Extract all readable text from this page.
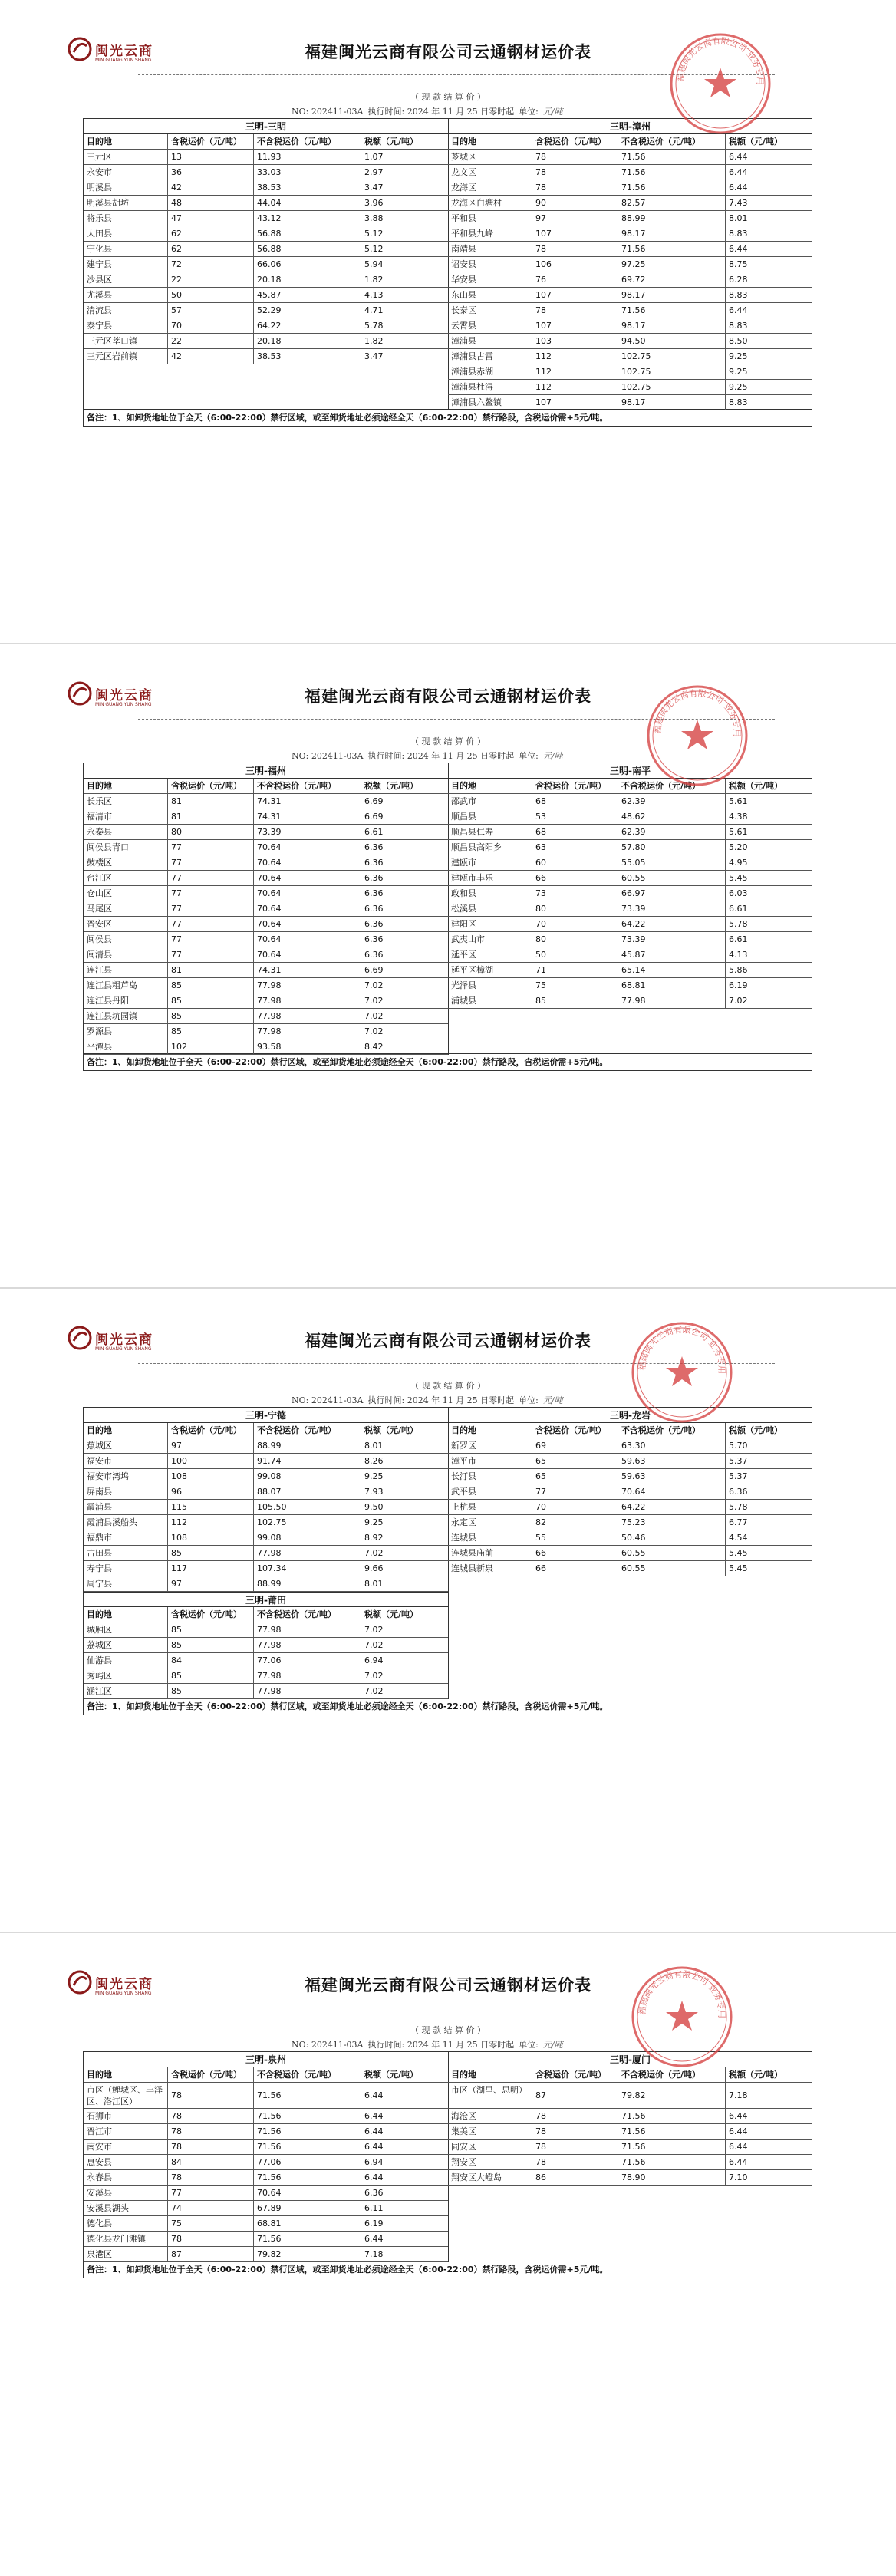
闽光云商
MIN GUANG YUN SHANG	福建闽光云商有限公司云通钢材运价表
（ 现 款 结 算 价 ）
NO: 202411-03A 执行时间: 2024 年 11 月 25 日零时起 单位: 元/吨
三明-三明
目的地	含税运价（元/吨）	不含税运价（元/吨）	税额（元/吨）
三元区	13	11.93	1.07
永安市	36	33.03	2.97
明溪县	42	38.53	3.47
明溪县胡坊	48	44.04	3.96
将乐县	47	43.12	3.88
大田县	62	56.88	5.12
宁化县	62	56.88	5.12
建宁县	72	66.06	5.94
沙县区	22	20.18	1.82
尤溪县	50	45.87	4.13
清流县	57	52.29	4.71
泰宁县	70	64.22	5.78
三元区莘口镇	22	20.18	1.82
三元区岩前镇	42	38.53	3.47
三明-漳州
目的地	含税运价（元/吨）	不含税运价（元/吨）	税额（元/吨）
芗城区	78	71.56	6.44
龙文区	78	71.56	6.44
龙海区	78	71.56	6.44
龙海区白塘村	90	82.57	7.43
平和县	97	88.99	8.01
平和县九峰	107	98.17	8.83
南靖县	78	71.56	6.44
诏安县	106	97.25	8.75
华安县	76	69.72	6.28
东山县	107	98.17	8.83
长泰区	78	71.56	6.44
云霄县	107	98.17	8.83
漳浦县	103	94.50	8.50
漳浦县古雷	112	102.75	9.25
漳浦县赤湖	112	102.75	9.25
漳浦县杜浔	112	102.75	9.25
漳浦县六鳌镇	107	98.17	8.83
备注：1、如卸货地址位于全天（6:00-22:00）禁行区域，或至卸货地址必须途经全天（6:00-22:00）禁行路段，含税运价需+5元/吨。
福建闽光云商有限公司 业务专用
闽光云商
MIN GUANG YUN SHANG	福建闽光云商有限公司云通钢材运价表
（ 现 款 结 算 价 ）
NO: 202411-03A 执行时间: 2024 年 11 月 25 日零时起 单位: 元/吨
三明-福州
目的地	含税运价（元/吨）	不含税运价（元/吨）	税额（元/吨）
长乐区	81	74.31	6.69
福清市	81	74.31	6.69
永泰县	80	73.39	6.61
闽侯县青口	77	70.64	6.36
鼓楼区	77	70.64	6.36
台江区	77	70.64	6.36
仓山区	77	70.64	6.36
马尾区	77	70.64	6.36
晋安区	77	70.64	6.36
闽侯县	77	70.64	6.36
闽清县	77	70.64	6.36
连江县	81	74.31	6.69
连江县粗芦岛	85	77.98	7.02
连江县丹阳	85	77.98	7.02
连江县坑园镇	85	77.98	7.02
罗源县	85	77.98	7.02
平潭县	102	93.58	8.42
三明-南平
目的地	含税运价（元/吨）	不含税运价（元/吨）	税额（元/吨）
邵武市	68	62.39	5.61
顺昌县	53	48.62	4.38
顺昌县仁寿	68	62.39	5.61
顺昌县高阳乡	63	57.80	5.20
建瓯市	60	55.05	4.95
建瓯市丰乐	66	60.55	5.45
政和县	73	66.97	6.03
松溪县	80	73.39	6.61
建阳区	70	64.22	5.78
武夷山市	80	73.39	6.61
延平区	50	45.87	4.13
延平区樟湖	71	65.14	5.86
光泽县	75	68.81	6.19
浦城县	85	77.98	7.02
备注：1、如卸货地址位于全天（6:00-22:00）禁行区域，或至卸货地址必须途经全天（6:00-22:00）禁行路段，含税运价需+5元/吨。
福建闽光云商有限公司 业务专用
闽光云商
MIN GUANG YUN SHANG	福建闽光云商有限公司云通钢材运价表
（ 现 款 结 算 价 ）
NO: 202411-03A 执行时间: 2024 年 11 月 25 日零时起 单位: 元/吨
三明-宁德
目的地	含税运价（元/吨）	不含税运价（元/吨）	税额（元/吨）
蕉城区	97	88.99	8.01
福安市	100	91.74	8.26
福安市湾坞	108	99.08	9.25
屏南县	96	88.07	7.93
霞浦县	115	105.50	9.50
霞浦县溪船头	112	102.75	9.25
福鼎市	108	99.08	8.92
古田县	85	77.98	7.02
寿宁县	117	107.34	9.66
周宁县	97	88.99	8.01
三明-莆田
目的地	含税运价（元/吨）	不含税运价（元/吨）	税额（元/吨）
城厢区	85	77.98	7.02
荔城区	85	77.98	7.02
仙游县	84	77.06	6.94
秀屿区	85	77.98	7.02
涵江区	85	77.98	7.02
三明-龙岩
目的地	含税运价（元/吨）	不含税运价（元/吨）	税额（元/吨）
新罗区	69	63.30	5.70
漳平市	65	59.63	5.37
长汀县	65	59.63	5.37
武平县	77	70.64	6.36
上杭县	70	64.22	5.78
永定区	82	75.23	6.77
连城县	55	50.46	4.54
连城县庙前	66	60.55	5.45
连城县新泉	66	60.55	5.45
备注：1、如卸货地址位于全天（6:00-22:00）禁行区域，或至卸货地址必须途经全天（6:00-22:00）禁行路段，含税运价需+5元/吨。
福建闽光云商有限公司 业务专用
闽光云商
MIN GUANG YUN SHANG	福建闽光云商有限公司云通钢材运价表
（ 现 款 结 算 价 ）
NO: 202411-03A 执行时间: 2024 年 11 月 25 日零时起 单位: 元/吨
三明-泉州
目的地	含税运价（元/吨）	不含税运价（元/吨）	税额（元/吨）
市区（鲤城区、丰泽区、洛江区）
78	71.56	6.44
石狮市	78	71.56	6.44
晋江市	78	71.56	6.44
南安市	78	71.56	6.44
惠安县	84	77.06	6.94
永春县	78	71.56	6.44
安溪县	77	70.64	6.36
安溪县湖头	74	67.89	6.11
德化县	75	68.81	6.19
德化县龙门滩镇	78	71.56	6.44
泉港区	87	79.82	7.18
三明-厦门
目的地	含税运价（元/吨）	不含税运价（元/吨）	税额（元/吨）
市区（湖里、思明）
87	79.82	7.18
海沧区	78	71.56	6.44
集美区	78	71.56	6.44
同安区	78	71.56	6.44
翔安区	78	71.56	6.44
翔安区大嶝岛	86	78.90	7.10
备注：1、如卸货地址位于全天（6:00-22:00）禁行区域，或至卸货地址必须途经全天（6:00-22:00）禁行路段，含税运价需+5元/吨。
福建闽光云商有限公司 业务专用
